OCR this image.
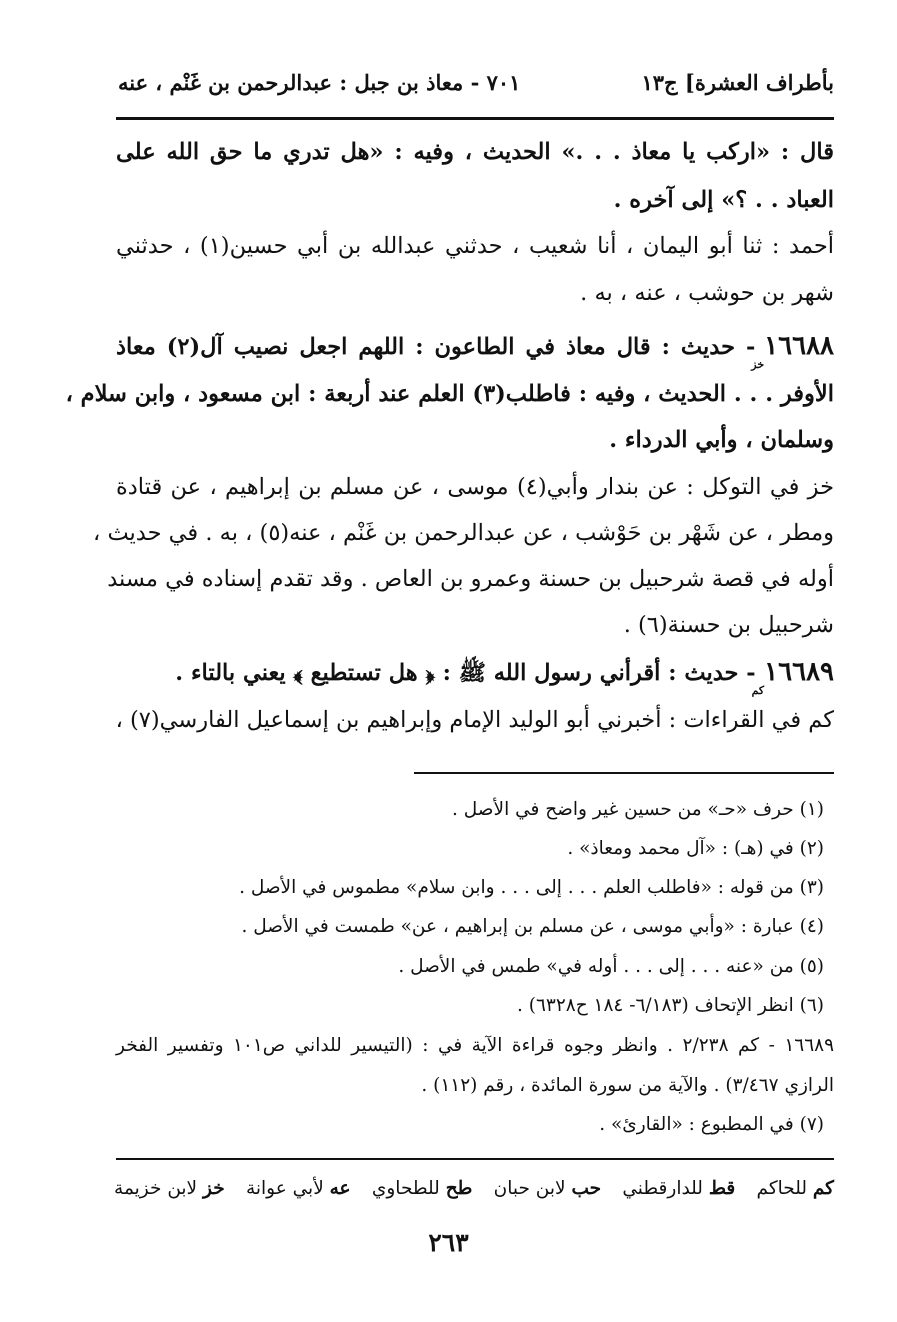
بأطراف العشرة] ج١٣
٧٠١ - معاذ بن جبل : عبدالرحمن بن غَنْم ، عنه
قال : «اركب يا معاذ . . .» الحديث ، وفيه : «هل تدري ما حق الله على
العباد . . ؟» إلى آخره .
أحمد : ثنا أبو اليمان ، أنا شعيب ، حدثني عبدالله بن أبي حسين(١) ، حدثني
شهر بن حوشب ، عنه ، به .
$١٦٦٨٨_{خز}-$ حديث : قال معاذ في الطاعون : اللهم اجعل نصيب آل(٢) معاذ
الأوفر . . . الحديث ، وفيه : فاطلب(٣) العلم عند أربعة : ابن مسعود ، وابن سلام ،
وسلمان ، وأبي الدرداء .
خز في التوكل : عن بندار وأبي(٤) موسى ، عن مسلم بن إبراهيم ، عن قتادة
ومطر ، عن شَهْر بن حَوْشب ، عن عبدالرحمن بن غَنْم ، عنه(٥) ، به . في حديث ،
أوله في قصة شرحبيل بن حسنة وعمرو بن العاص . وقد تقدم إسناده في مسند
شرحبيل بن حسنة(٦) .
$١٦٦٨٩_{كم}-$ حديث : أقرأني رسول الله ﷺ : ﴿ هل تستطيع ﴾ يعني بالتاء .
كم في القراءات : أخبرني أبو الوليد الإمام وإبراهيم بن إسماعيل الفارسي(٧) ،
(١) حرف «حـ» من حسين غير واضح في الأصل .
(٢) في (هـ) : «آل محمد ومعاذ» .
(٣) من قوله : «فاطلب العلم . . . إلى . . . وابن سلام» مطموس في الأصل .
(٤) عبارة : «وأبي موسى ، عن مسلم بن إبراهيم ، عن» طمست في الأصل .
(٥) من «عنه . . . إلى . . . أوله في» طمس في الأصل .
(٦) انظر الإتحاف (٦/١٨٣- ١٨٤ ح٦٣٢٨) .
١٦٦٨٩ - كم ٢/٢٣٨ . وانظر وجوه قراءة الآية في : (التيسير للداني ص١٠١ وتفسير الفخر
الرازي ٣/٤٦٧) . والآية من سورة المائدة ، رقم (١١٢) .
(٧) في المطبوع : «القارئ» .
خز لابن خزيمة	عه لأبي عوانة	طح للطحاوي	حب لابن حبان	قط للدارقطني	كم للحاكم
٢٦٣
